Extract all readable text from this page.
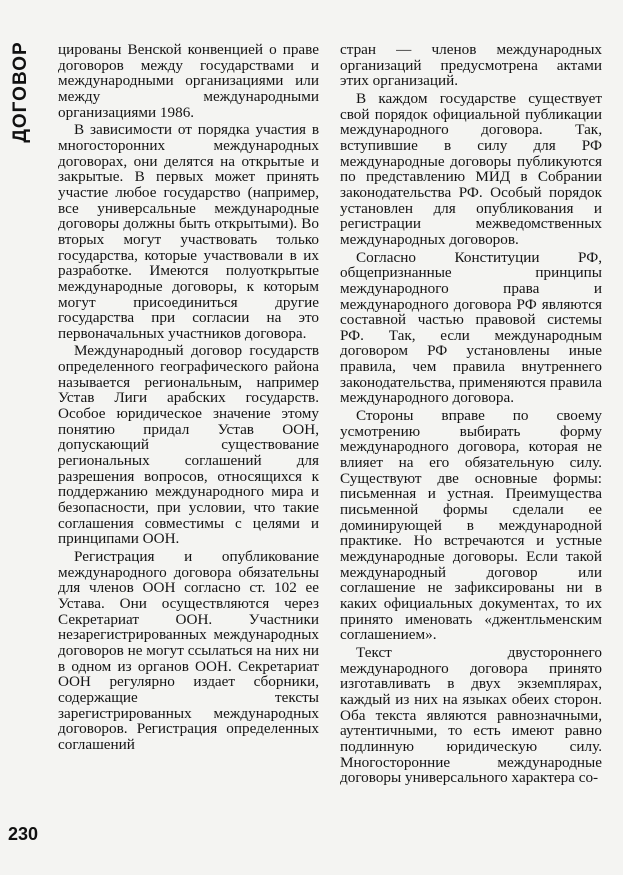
ДОГОВОР цированы Венской конвенцией о праве договоров между государствами и международными организациями или между международными организациями 1986.

В зависимости от порядка участия в многосторонних международных договорах, они делятся на открытые и закрытые. В первых может принять участие любое государство (например, все универсальные международные договоры должны быть открытыми). Во вторых могут участвовать только государства, которые участвовали в их разработке. Имеются полуоткрытые международные договоры, к которым могут присоединиться другие государства при согласии на это первоначальных участников договора.

Международный договор государств определенного географического района называется региональным, например Устав Лиги арабских государств. Особое юридическое значение этому понятию придал Устав ООН, допускающий существование региональных соглашений для разрешения вопросов, относящихся к поддержанию международного мира и безопасности, при условии, что такие соглашения совместимы с целями и принципами ООН.

Регистрация и опубликование международного договора обязательны для членов ООН согласно ст. 102 ее Устава. Они осуществляются через Секретариат ООН. Участники незарегистрированных международных договоров не могут ссылаться на них ни в одном из органов ООН. Секретариат ООН регулярно издает сборники, содержащие тексты зарегистрированных международных договоров. Регистрация определенных соглашений

стран — членов международных организаций предусмотрена актами этих организаций.

В каждом государстве существует свой порядок официальной публикации международного договора. Так, вступившие в силу для РФ международные договоры публикуются по представлению МИД в Собрании законодательства РФ. Особый порядок установлен для опубликования и регистрации межведомственных международных договоров.

Согласно Конституции РФ, общепризнанные принципы международного права и международного договора РФ являются составной частью правовой системы РФ. Так, если международным договором РФ установлены иные правила, чем правила внутреннего законодательства, применяются правила международного договора.

Стороны вправе по своему усмотрению выбирать форму международного договора, которая не влияет на его обязательную силу. Существуют две основные формы: письменная и устная. Преимущества письменной формы сделали ее доминирующей в международной практике. Но встречаются и устные международные договоры. Если такой международный договор или соглашение не зафиксированы ни в каких официальных документах, то их принято именовать «джентльменским соглашением».

Текст двустороннего международного договора принято изготавливать в двух экземплярах, каждый из них на языках обеих сторон. Оба текста являются равнозначными, аутентичными, то есть имеют равно подлинную юридическую силу. Многосторонние международные договоры универсального характера со-

230
